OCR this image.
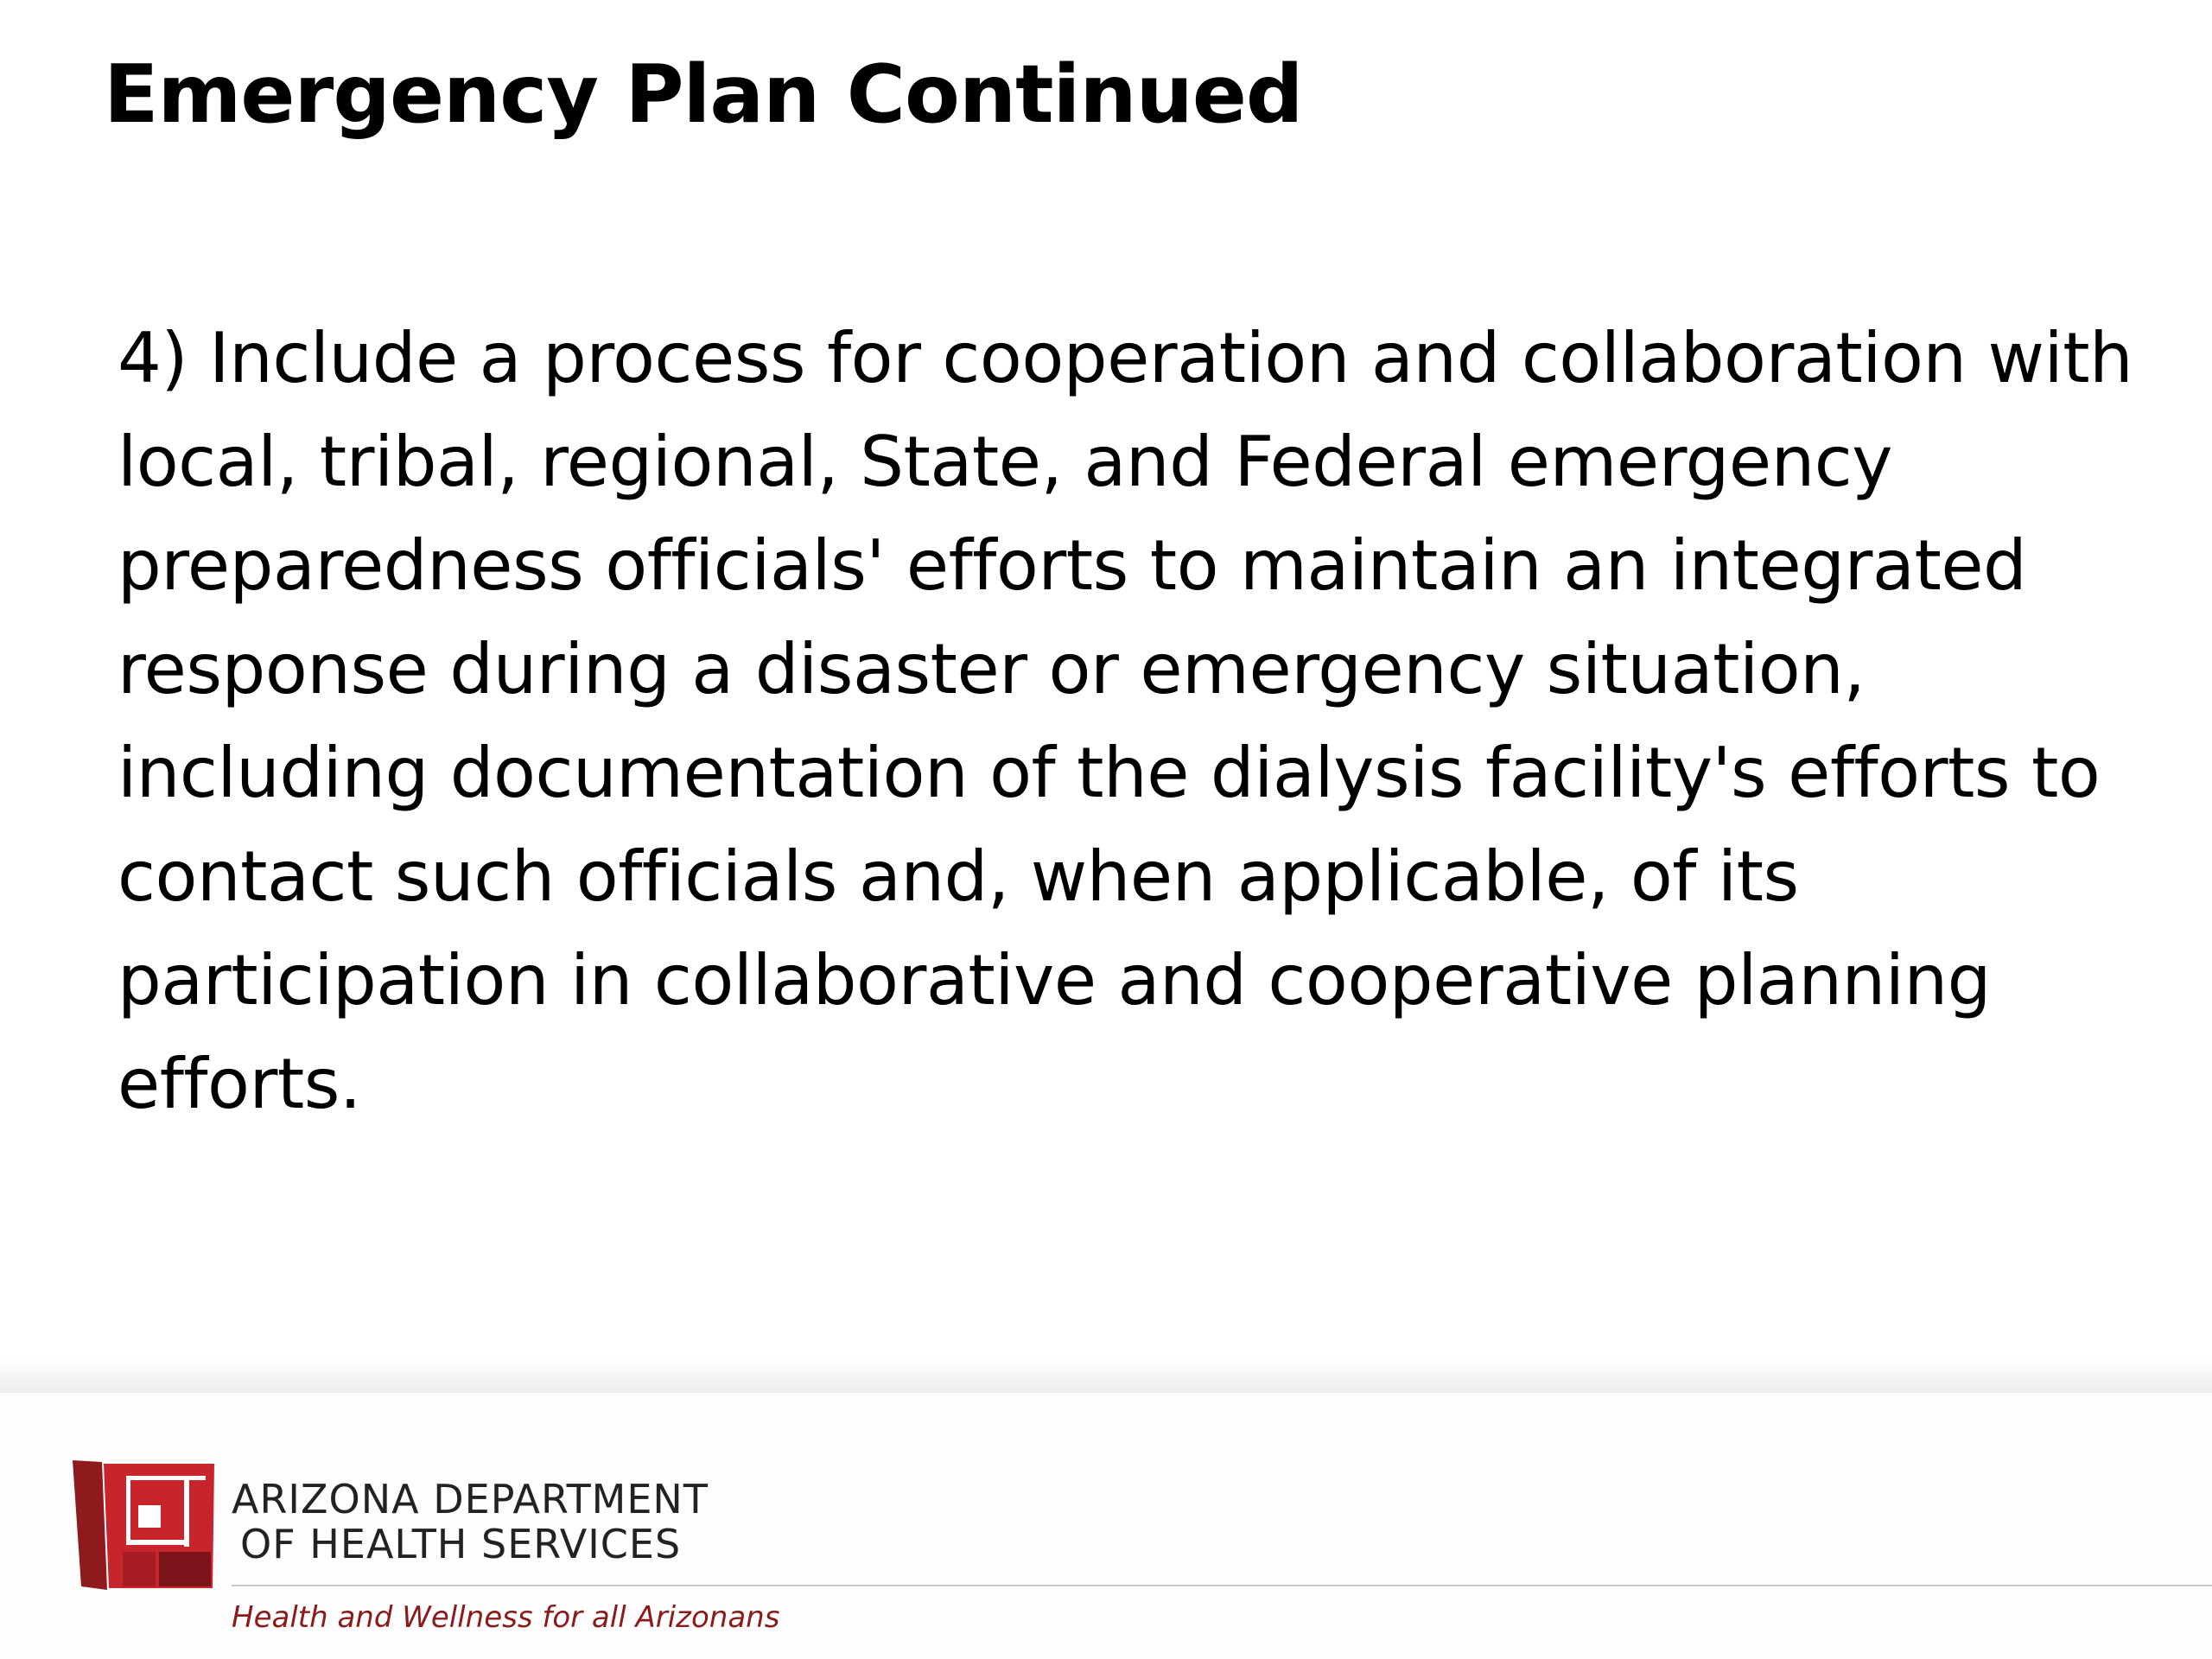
Emergency Plan Continued

4) Include a process for cooperation and collaboration with local, tribal, regional, State, and Federal emergency preparedness officials' efforts to maintain an integrated response during a disaster or emergency situation, including documentation of the dialysis facility's efforts to contact such officials and, when applicable, of its participation in collaborative and cooperative planning efforts.

ARIZONA DEPARTMENT
OF HEALTH SERVICES
Health and Wellness for all Arizonans
